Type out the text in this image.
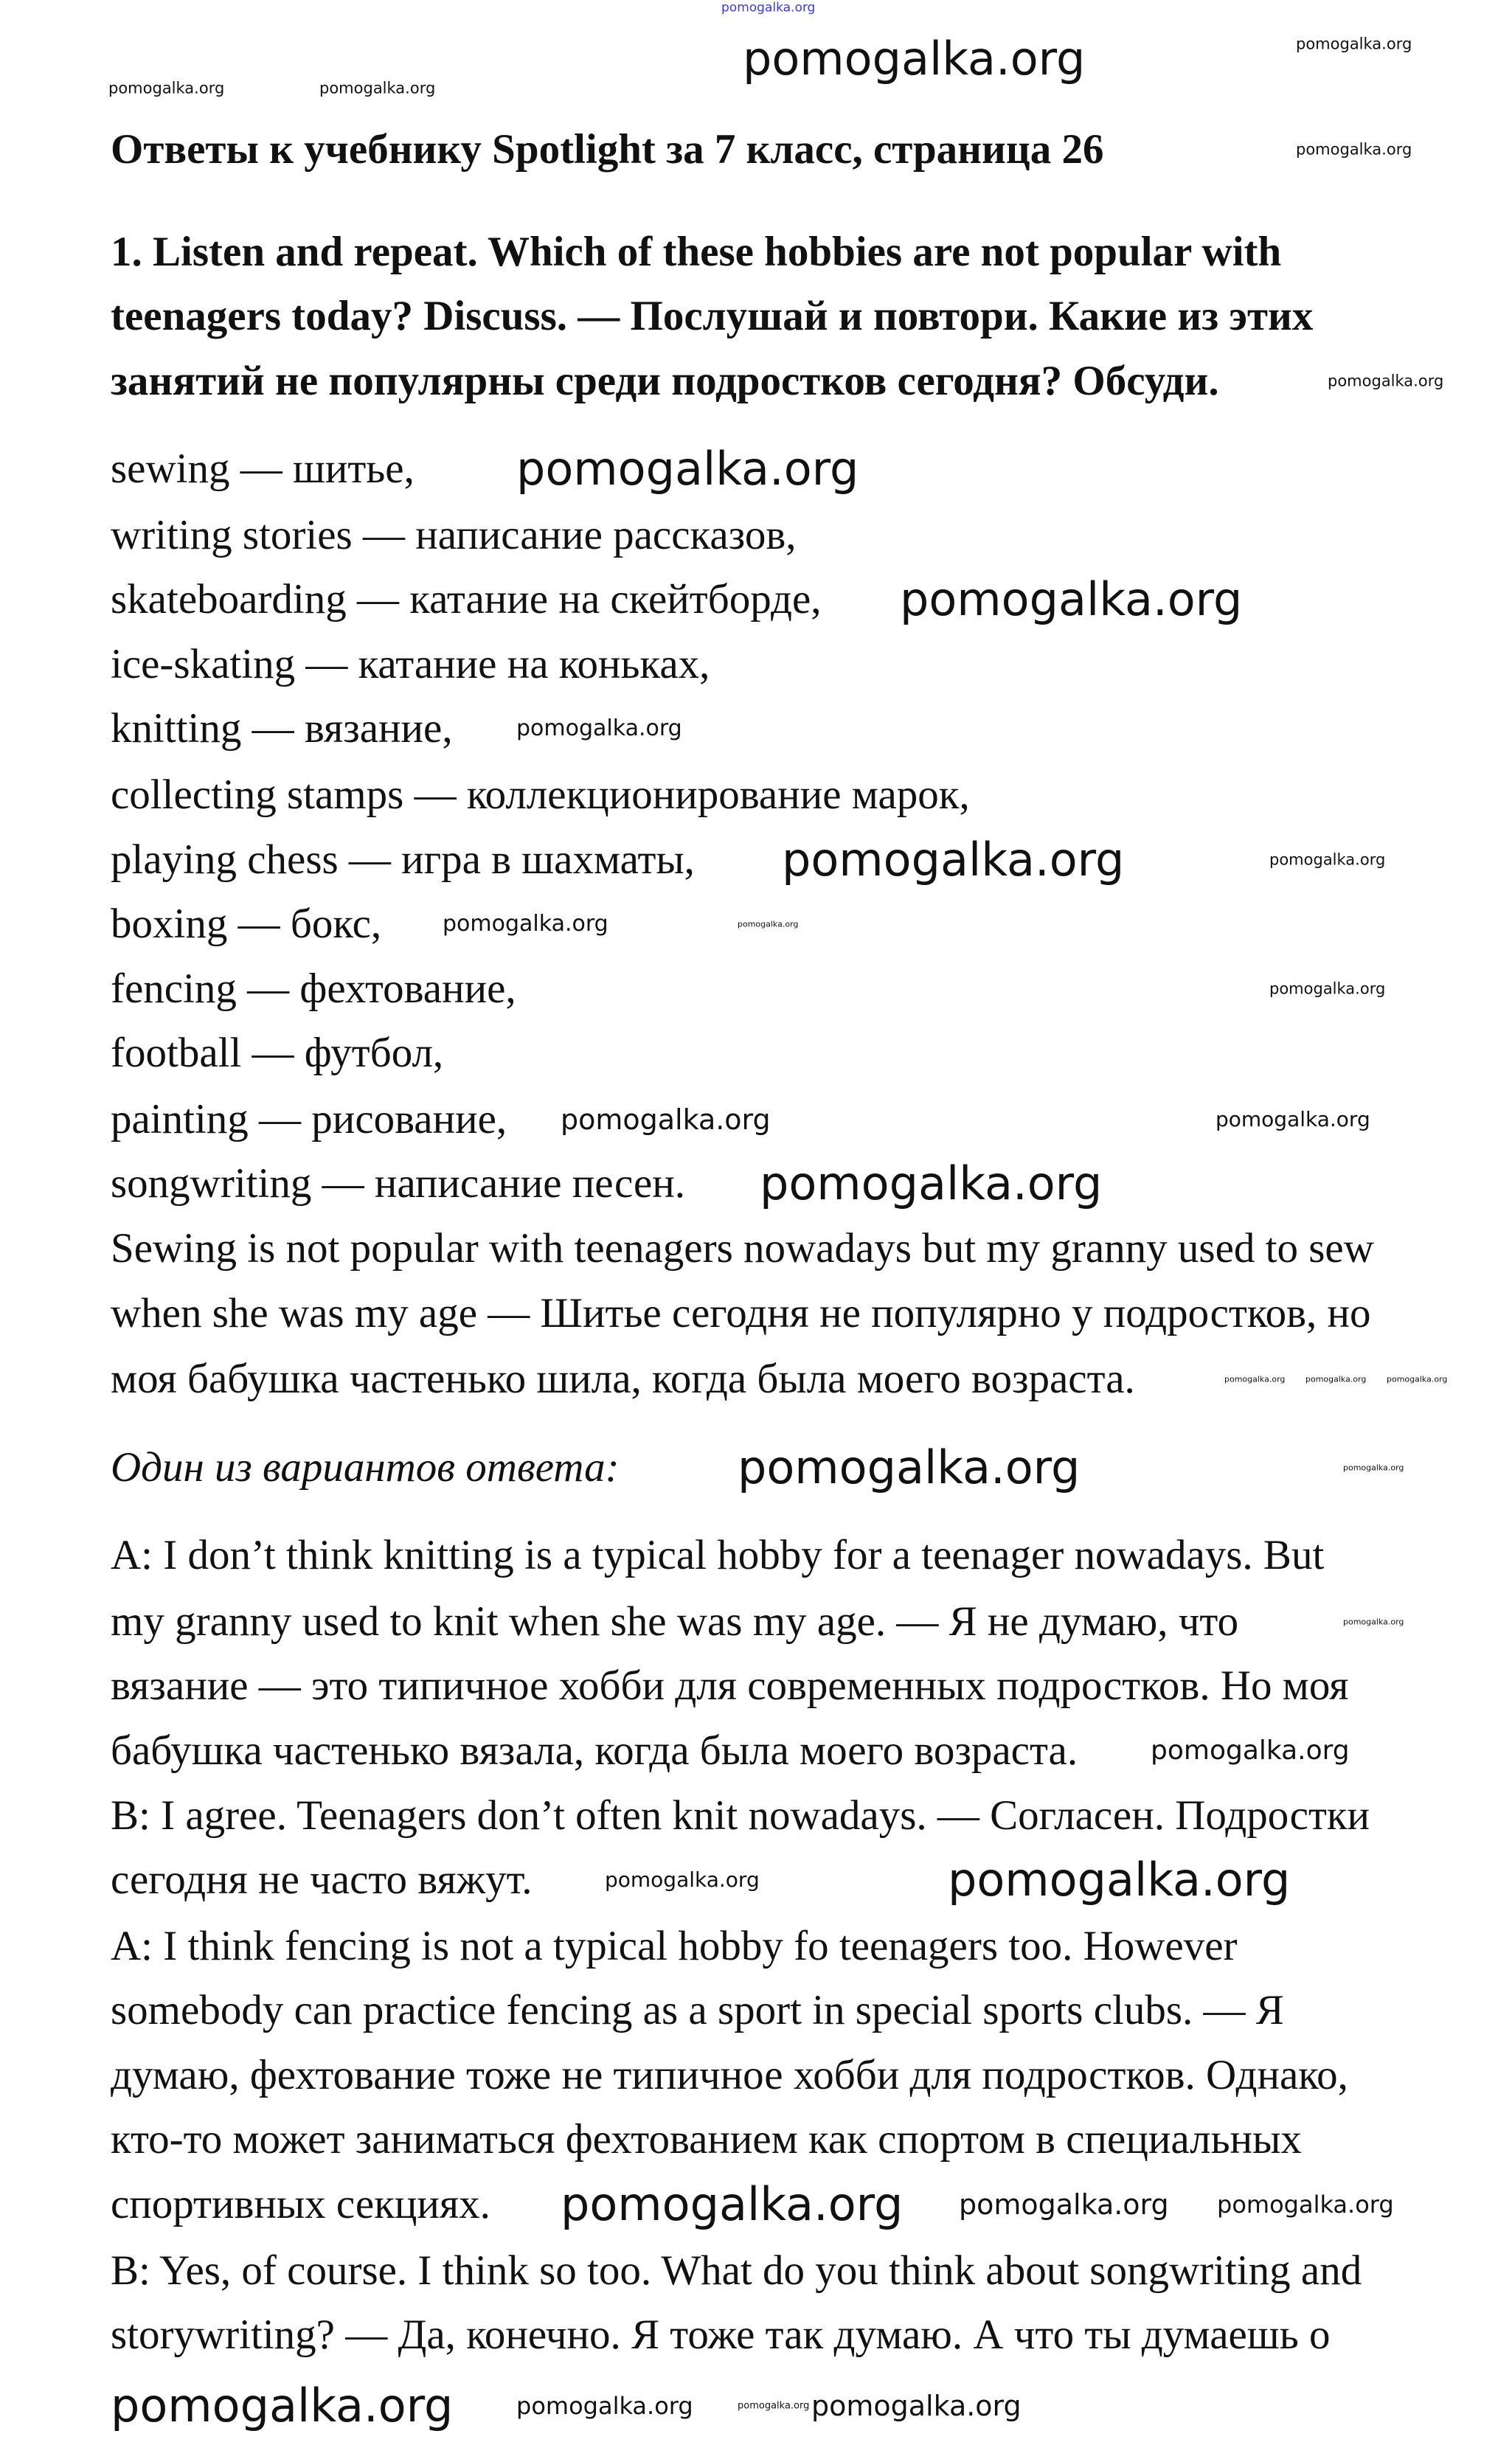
Ответы к учебнику Spotlight за 7 класс, страница 26
1. Listen and repeat. Which of these hobbies are not popular with
teenagers today? Discuss. — Послушай и повтори. Какие из этих
занятий не популярны среди подростков сегодня? Обсуди.
sewing — шитье,
writing stories — написание рассказов,
skateboarding — катание на скейтборде,
ice-skating — катание на коньках,
knitting — вязание,
collecting stamps — коллекционирование марок,
playing chess — игра в шахматы,
boxing — бокс,
fencing — фехтование,
football — футбол,
painting — рисование,
songwriting — написание песен.
Sewing is not popular with teenagers nowadays but my granny used to sew
when she was my age — Шитье сегодня не популярно у подростков, но
моя бабушка частенько шила, когда была моего возраста.
Один из вариантов ответа:
A: I don’t think knitting is a typical hobby for a teenager nowadays. But
my granny used to knit when she was my age. — Я не думаю, что
вязание — это типичное хобби для современных подростков. Но моя
бабушка частенько вязала, когда была моего возраста.
B: I agree. Teenagers don’t often knit nowadays. — Согласен. Подростки
сегодня не часто вяжут.
A: I think fencing is not a typical hobby fo teenagers too. However
somebody can practice fencing as a sport in special sports clubs. — Я
думаю, фехтование тоже не типичное хобби для подростков. Однако,
кто-то может заниматься фехтованием как спортом в специальных
спортивных секциях.
B: Yes, of course. I think so too. What do you think about songwriting and
storywriting? — Да, конечно. Я тоже так думаю. А что ты думаешь о
pomogalka.org
pomogalka.org	pomogalka.org
pomogalka.org	pomogalka.org
pomogalka.org
pomogalka.org
pomogalka.org
pomogalka.org
pomogalka.org
pomogalka.org	pomogalka.org
pomogalka.org	pomogalka.org
pomogalka.org
pomogalka.org	pomogalka.org
pomogalka.org
pomogalka.org	pomogalka.org	pomogalka.org
pomogalka.org	pomogalka.org
pomogalka.org
pomogalka.org
pomogalka.org	pomogalka.org
pomogalka.org pomogalka.org pomogalka.org
pomogalka.org	pomogalka.org	pomogalka.org pomogalka.org
